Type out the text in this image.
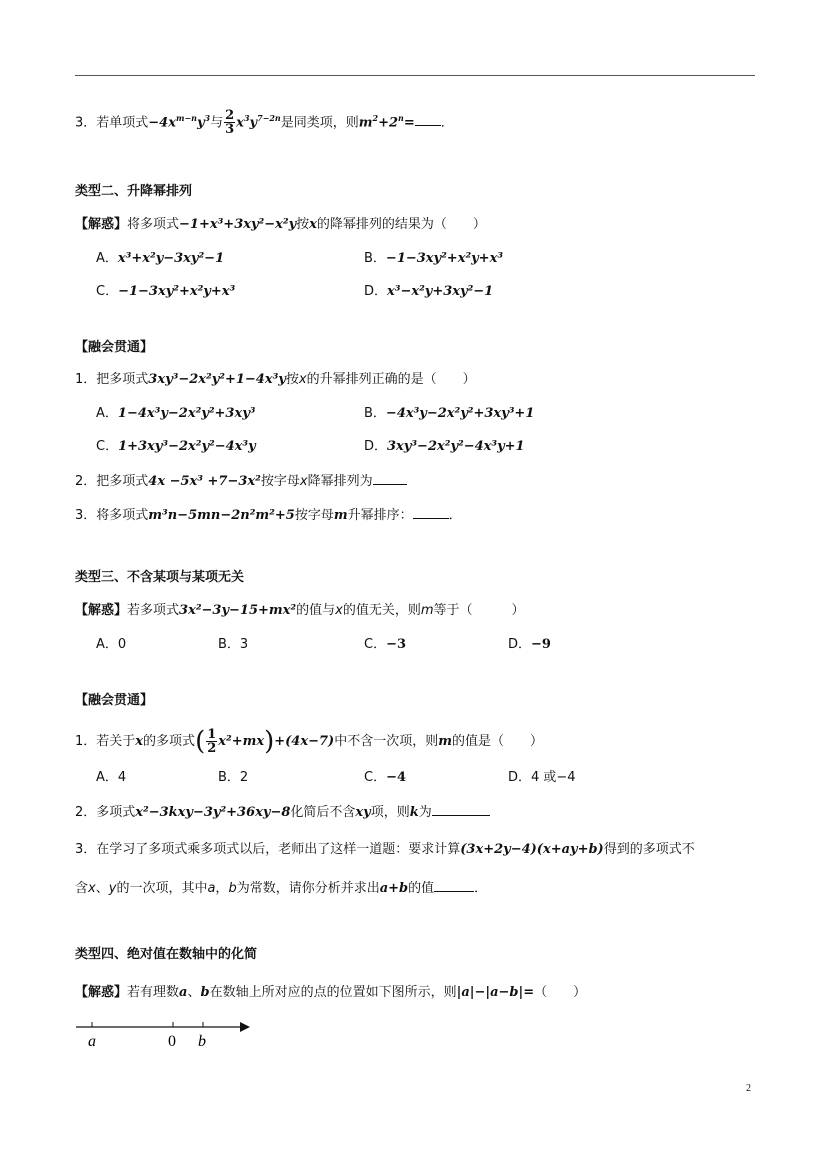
3．若单项式$-4x^{m-n}y^3$与 $\frac{2}{3} x^3y^{7-2n}$是同类项，则$m^2+2^n=$ ．
类型二、升降幂排列
【解惑】将多项式−1+x³+3xy²−x²y按x的降幂排列的结果为（　　）
A．x³+x²y−3xy²−1	B．−1−3xy²+x²y+x³
C．−1−3xy²+x²y+x³	D．x³−x²y+3xy²−1
【融会贯通】
1．把多项式3xy³−2x²y²+1−4x³y按x的升幂排列正确的是（　　）
A．1−4x³y−2x²y²+3xy³	B．−4x³y−2x²y²+3xy³+1
C．1+3xy³−2x²y²−4x³y	D．3xy³−2x²y²−4x³y+1
2．把多项式4x −5x³ +7−3x²按字母x降幂排列为
3．将多项式m³n−5mn−2n²m²+5按字母m升幂排序：	．
类型三、不含某项与某项无关
【解惑】若多项式3x²−3y−15+mx²的值与x的值无关，则m等于（　　　）
A．0	B．3	C．−3	D．−9
【融会贯通】
1．若关于x的多项式( $\frac{1}{2} x^2+mx)+(4x-7)$中不含一次项，则m的值是（　　）
A．4	B．2	C．−4	D．4 或−4
2．多项式x²−3kxy−3y²+36xy−8化简后不含xy项，则k为
3．在学习了多项式乘多项式以后，老师出了这样一道题：要求计算(3x+2y−4)(x+ay+b)得到的多项式不
含x、y的一次项，其中a，b为常数，请你分析并求出a+b的值	．
类型四、绝对值在数轴中的化简
【解惑】若有理数a、b在数轴上所对应的点的位置如下图所示，则|a|−|a−b|=（　　）
a	0 b
2
